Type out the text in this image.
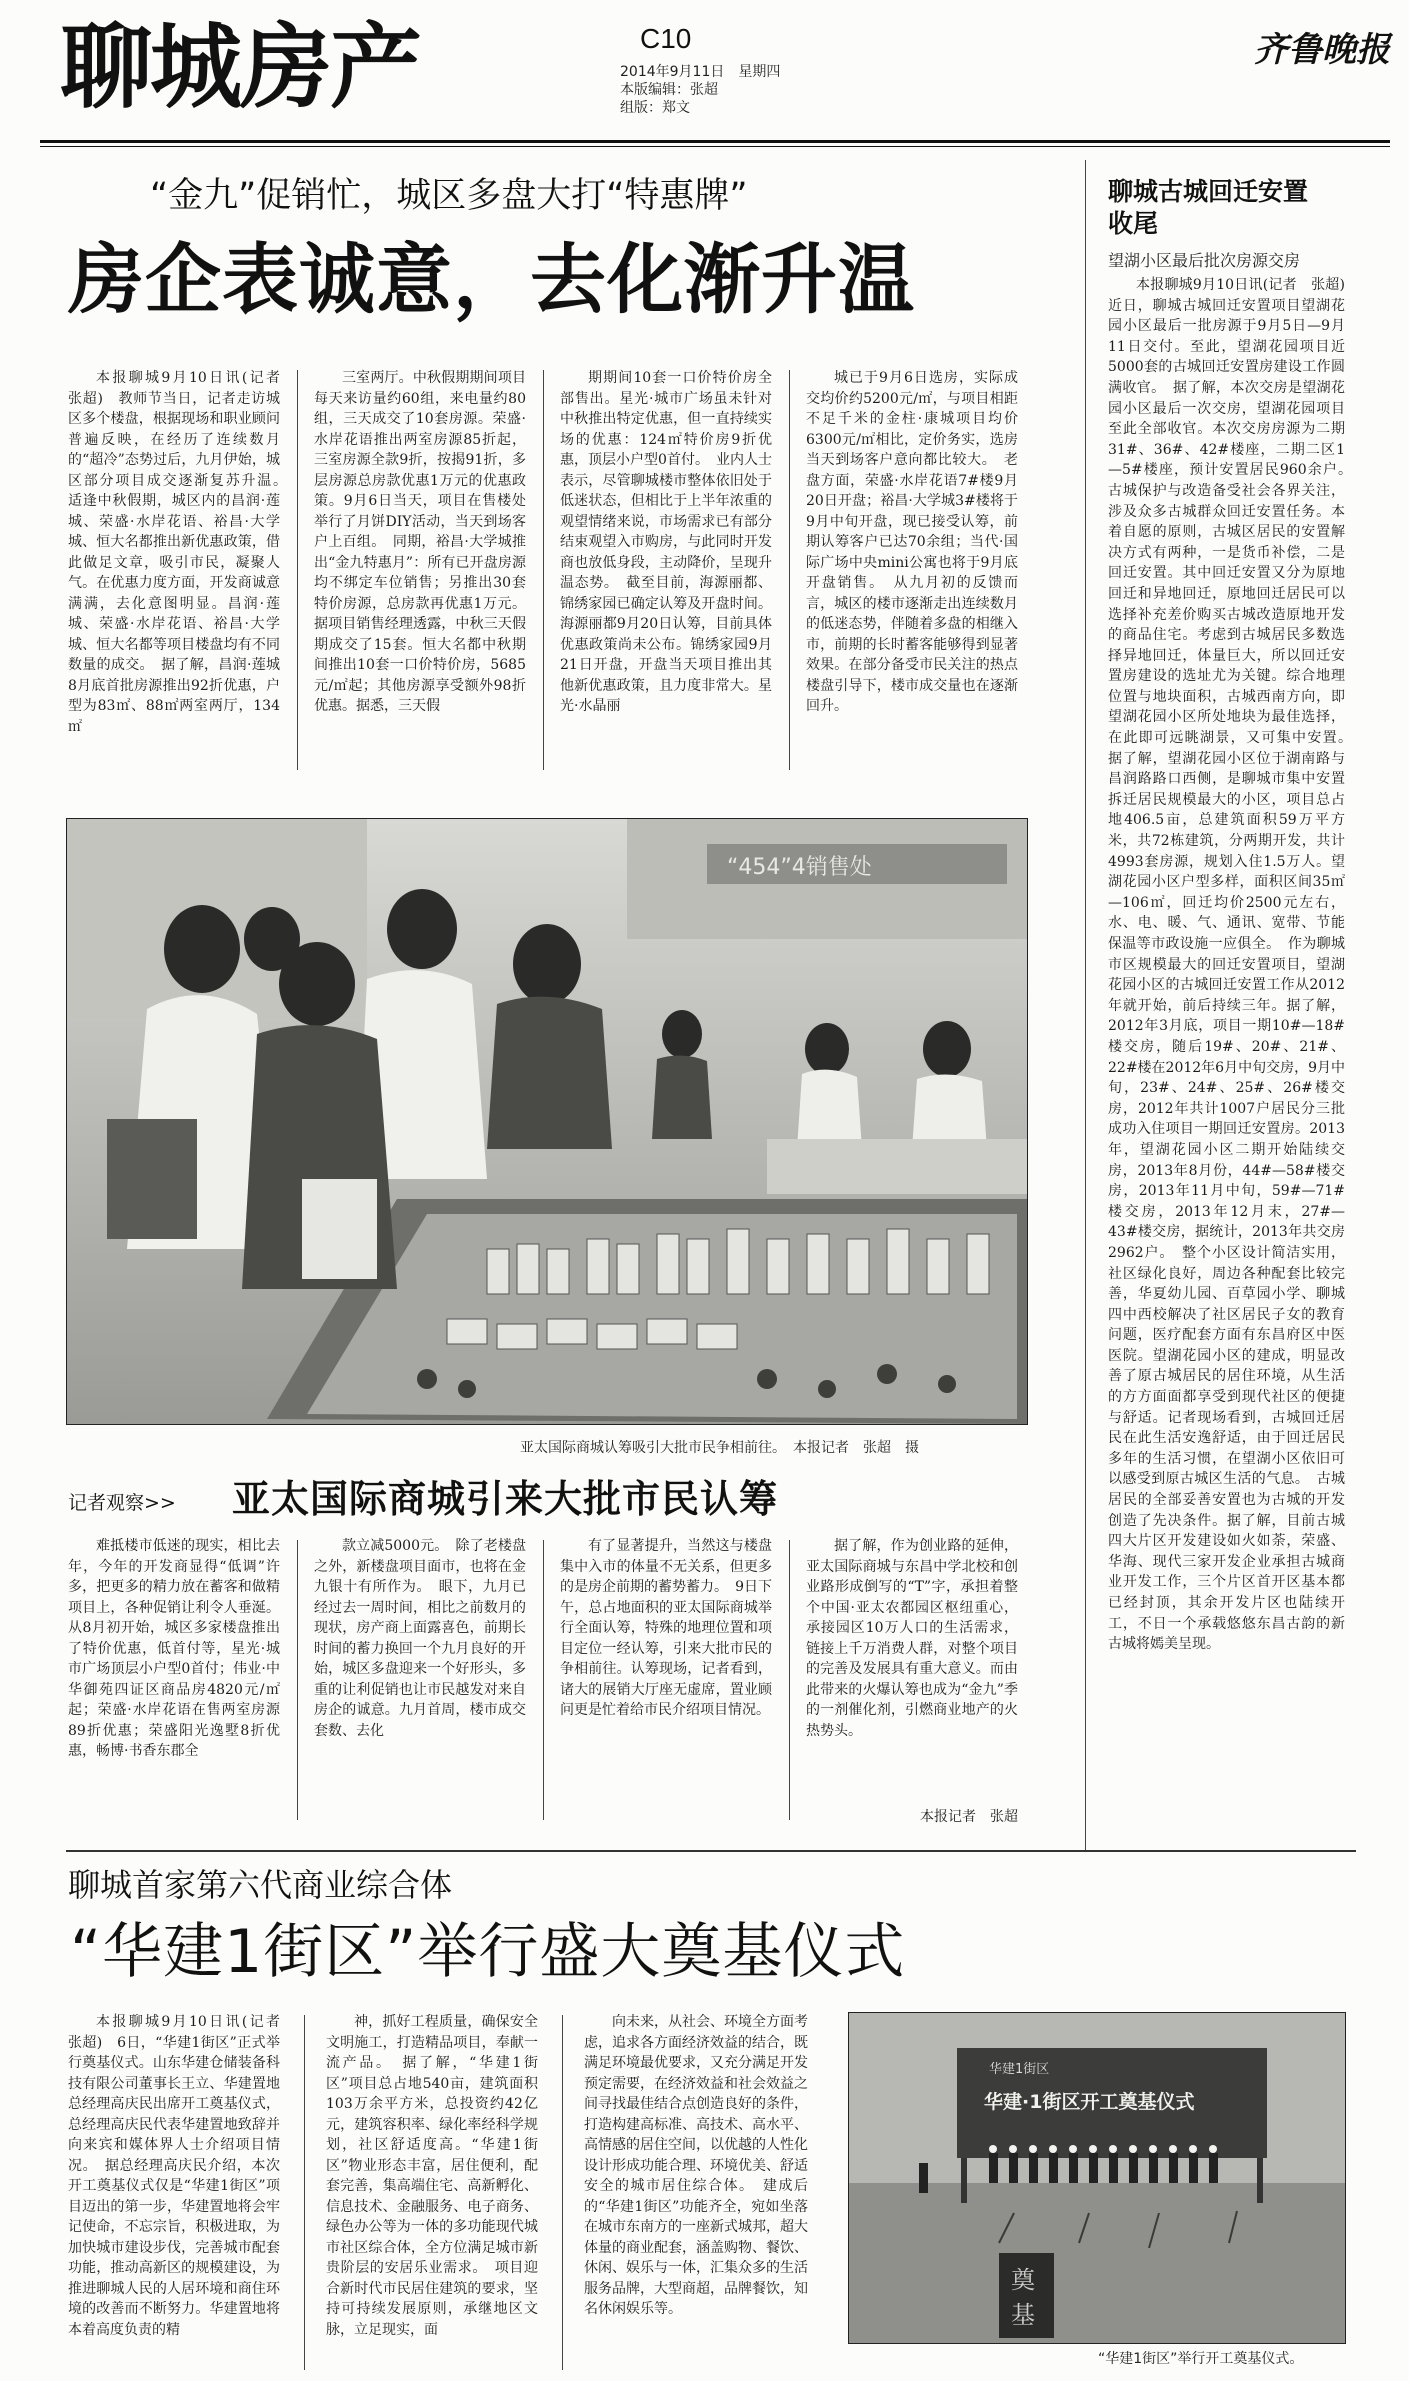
聊城房产	C10
2014年9月11日　星期四
本版编辑：张超
组版：郑文
齐鲁晚报
“金九”促销忙，城区多盘大打“特惠牌”
房企表诚意，去化渐升温

本报聊城9月10日讯(记者　张超)　教师节当日，记者走访城区多个楼盘，根据现场和职业顾问普遍反映，在经历了连续数月的“超冷”态势过后，九月伊始，城区部分项目成交逐渐复苏升温。　适逢中秋假期，城区内的昌润·莲城、荣盛·水岸花语、裕昌·大学城、恒大名都推出新优惠政策，借此做足文章，吸引市民，凝聚人气。在优惠力度方面，开发商诚意满满，去化意图明显。昌润·莲城、荣盛·水岸花语、裕昌·大学城、恒大名都等项目楼盘均有不同数量的成交。　据了解，昌润·莲城8月底首批房源推出92折优惠，户型为83㎡、88㎡两室两厅，134㎡

三室两厅。中秋假期期间项目每天来访量约60组，来电量约80组，三天成交了10套房源。荣盛·水岸花语推出两室房源85折起，三室房源全款9折，按揭91折，多层房源总房款优惠1万元的优惠政策。9月6日当天，项目在售楼处举行了月饼DIY活动，当天到场客户上百组。　同期，裕昌·大学城推出“金九特惠月”：所有已开盘房源均不绑定车位销售；另推出30套特价房源，总房款再优惠1万元。据项目销售经理透露，中秋三天假期成交了15套。恒大名都中秋期间推出10套一口价特价房，5685元/㎡起；其他房源享受额外98折优惠。据悉，三天假

期期间10套一口价特价房全部售出。星光·城市广场虽未针对中秋推出特定优惠，但一直持续实场的优惠：124㎡特价房9折优惠，顶层小户型0首付。　业内人士表示，尽管聊城楼市整体依旧处于低迷状态，但相比于上半年浓重的观望情绪来说，市场需求已有部分结束观望入市购房，与此同时开发商也放低身段，主动降价，呈现升温态势。　截至目前，海源丽都、锦绣家园已确定认筹及开盘时间。海源丽都9月20日认筹，目前具体优惠政策尚未公布。锦绣家园9月21日开盘，开盘当天项目推出其他新优惠政策，且力度非常大。星光·水晶丽

城已于9月6日选房，实际成交均价约5200元/㎡，与项目相距不足千米的金柱·康城项目均价6300元/㎡相比，定价务实，选房当天到场客户意向都比较大。　老盘方面，荣盛·水岸花语7#楼9月20日开盘；裕昌·大学城3#楼将于9月中旬开盘，现已接受认筹，前期认筹客户已达70余组；当代·国际广场中央mini公寓也将于9月底开盘销售。　从九月初的反馈而言，城区的楼市逐渐走出连续数月的低迷态势，伴随着多盘的相继入市，前期的长时蓄客能够得到显著效果。在部分备受市民关注的热点楼盘引导下，楼市成交量也在逐渐回升。

“454”4销售处
亚太国际商城认筹吸引大批市民争相前往。　本报记者　张超　摄
记者观察>> 亚太国际商城引来大批市民认筹

难抵楼市低迷的现实，相比去年，今年的开发商显得“低调”许多，把更多的精力放在蓄客和做精项目上，各种促销让利令人垂涎。从8月初开始，城区多家楼盘推出了特价优惠，低首付等，星光·城市广场顶层小户型0首付；伟业·中华御苑四证区商品房4820元/㎡起；荣盛·水岸花语在售两室房源89折优惠；荣盛阳光逸墅8折优惠，畅博·书香东郡全

款立减5000元。　除了老楼盘之外，新楼盘项目面市，也将在金九银十有所作为。　眼下，九月已经过去一周时间，相比之前数月的现状，房产商上面露喜色，前期长时间的蓄力换回一个九月良好的开始，城区多盘迎来一个好形头，多重的让利促销也让市民越发对来自房企的诚意。九月首周，楼市成交套数、去化

有了显著提升，当然这与楼盘集中入市的体量不无关系，但更多的是房企前期的蓄势蓄力。　9日下午，总占地面积的亚太国际商城举行全面认筹，特殊的地理位置和项目定位一经认筹，引来大批市民的争相前往。认筹现场，记者看到，诸大的展销大厅座无虚席，置业顾问更是忙着给市民介绍项目情况。

据了解，作为创业路的延伸，亚太国际商城与东昌中学北校和创业路形成倒写的“T”字，承担着整个中国·亚太农都园区枢纽重心，承接园区10万人口的生活需求，链接上千万消费人群，对整个项目的完善及发展具有重大意义。而由此带来的火爆认筹也成为“金九”季的一剂催化剂，引燃商业地产的火热势头。

本报记者　张超
聊城古城回迁安置收尾
望湖小区最后批次房源交房

本报聊城9月10日讯(记者　张超)　近日，聊城古城回迁安置项目望湖花园小区最后一批房源于9月5日—9月11日交付。至此，望湖花园项目近5000套的古城回迁安置房建设工作圆满收官。　据了解，本次交房是望湖花园小区最后一次交房，望湖花园项目至此全部收官。本次交房房源为二期31#、36#、42#楼座，二期二区1—5#楼座，预计安置居民960余户。　古城保护与改造备受社会各界关注，涉及众多古城群众回迁安置任务。本着自愿的原则，古城区居民的安置解决方式有两种，一是货币补偿，二是回迁安置。其中回迁安置又分为原地回迁和异地回迁，原地回迁居民可以选择补充差价购买古城改造原地开发的商品住宅。考虑到古城居民多数选择异地回迁，体量巨大，所以回迁安置房建设的选址尤为关键。综合地理位置与地块面积，古城西南方向，即望湖花园小区所处地块为最佳选择，在此即可远眺湖景，又可集中安置。　据了解，望湖花园小区位于湖南路与昌润路路口西侧，是聊城市集中安置拆迁居民规模最大的小区，项目总占地406.5亩，总建筑面积59万平方米，共72栋建筑，分两期开发，共计4993套房源，规划入住1.5万人。望湖花园小区户型多样，面积区间35㎡—106㎡，回迁均价2500元左右，水、电、暖、气、通讯、宽带、节能保温等市政设施一应俱全。　作为聊城市区规模最大的回迁安置项目，望湖花园小区的古城回迁安置工作从2012年就开始，前后持续三年。据了解，2012年3月底，项目一期10#—18#楼交房，随后19#、20#、21#、22#楼在2012年6月中旬交房，9月中旬，23#、24#、25#、26#楼交房，2012年共计1007户居民分三批成功入住项目一期回迁安置房。2013年，望湖花园小区二期开始陆续交房，2013年8月份，44#—58#楼交房，2013年11月中旬，59#—71#楼交房，2013年12月末，27#—43#楼交房，据统计，2013年共交房2962户。　整个小区设计简洁实用，社区绿化良好，周边各种配套比较完善，华夏幼儿园、百草园小学、聊城四中西校解决了社区居民子女的教育问题，医疗配套方面有东昌府区中医医院。望湖花园小区的建成，明显改善了原古城居民的居住环境，从生活的方方面面都享受到现代社区的便捷与舒适。记者现场看到，古城回迁居民在此生活安逸舒适，由于回迁居民多年的生活习惯，在望湖小区依旧可以感受到原古城区生活的气息。　古城居民的全部妥善安置也为古城的开发创造了先决条件。据了解，目前古城四大片区开发建设如火如荼，荣盛、华海、现代三家开发企业承担古城商业开发工作，三个片区首开区基本都已经封顶，其余开发片区也陆续开工，不日一个承载悠悠东昌古韵的新古城将嫣美呈现。

聊城首家第六代商业综合体
“华建1街区”举行盛大奠基仪式

本报聊城9月10日讯(记者　张超)　6日，“华建1街区”正式举行奠基仪式。山东华建仓储装备科技有限公司董事长王立、华建置地总经理高庆民出席开工奠基仪式，总经理高庆民代表华建置地致辞并向来宾和媒体界人士介绍项目情况。　据总经理高庆民介绍，本次开工奠基仪式仅是“华建1街区”项目迈出的第一步，华建置地将会牢记使命，不忘宗旨，积极进取，为加快城市建设步伐，完善城市配套功能，推动高新区的规模建设，为推进聊城人民的人居环境和商住环境的改善而不断努力。华建置地将本着高度负责的精

神，抓好工程质量，确保安全文明施工，打造精品项目，奉献一流产品。　据了解，“华建1街区”项目总占地540亩，建筑面积103万余平方米，总投资约42亿元，建筑容积率、绿化率经科学规划，社区舒适度高。“华建1街区”物业形态丰富，居住便利，配套完善，集高端住宅、高新孵化、信息技术、金融服务、电子商务、绿色办公等为一体的多功能现代城市社区综合体，全方位满足城市新贵阶层的安居乐业需求。　项目迎合新时代市民居住建筑的要求，坚持可持续发展原则，承继地区文脉，立足现实，面

向未来，从社会、环境全方面考虑，追求各方面经济效益的结合，既满足环境最优要求，又充分满足开发预定需要，在经济效益和社会效益之间寻找最佳结合点创造良好的条件，打造构建高标准、高技术、高水平、高情感的居住空间，以优越的人性化设计形成功能合理、环境优美、舒适安全的城市居住综合体。　建成后的“华建1街区”功能齐全，宛如坐落在城市东南方的一座新式城邦，超大体量的商业配套，涵盖购物、餐饮、休闲、娱乐与一体，汇集众多的生活服务品牌，大型商超，品牌餐饮，知名休闲娱乐等。

华建1街区
华建·1街区开工奠基仪式
奠
基
“华建1街区”举行开工奠基仪式。
